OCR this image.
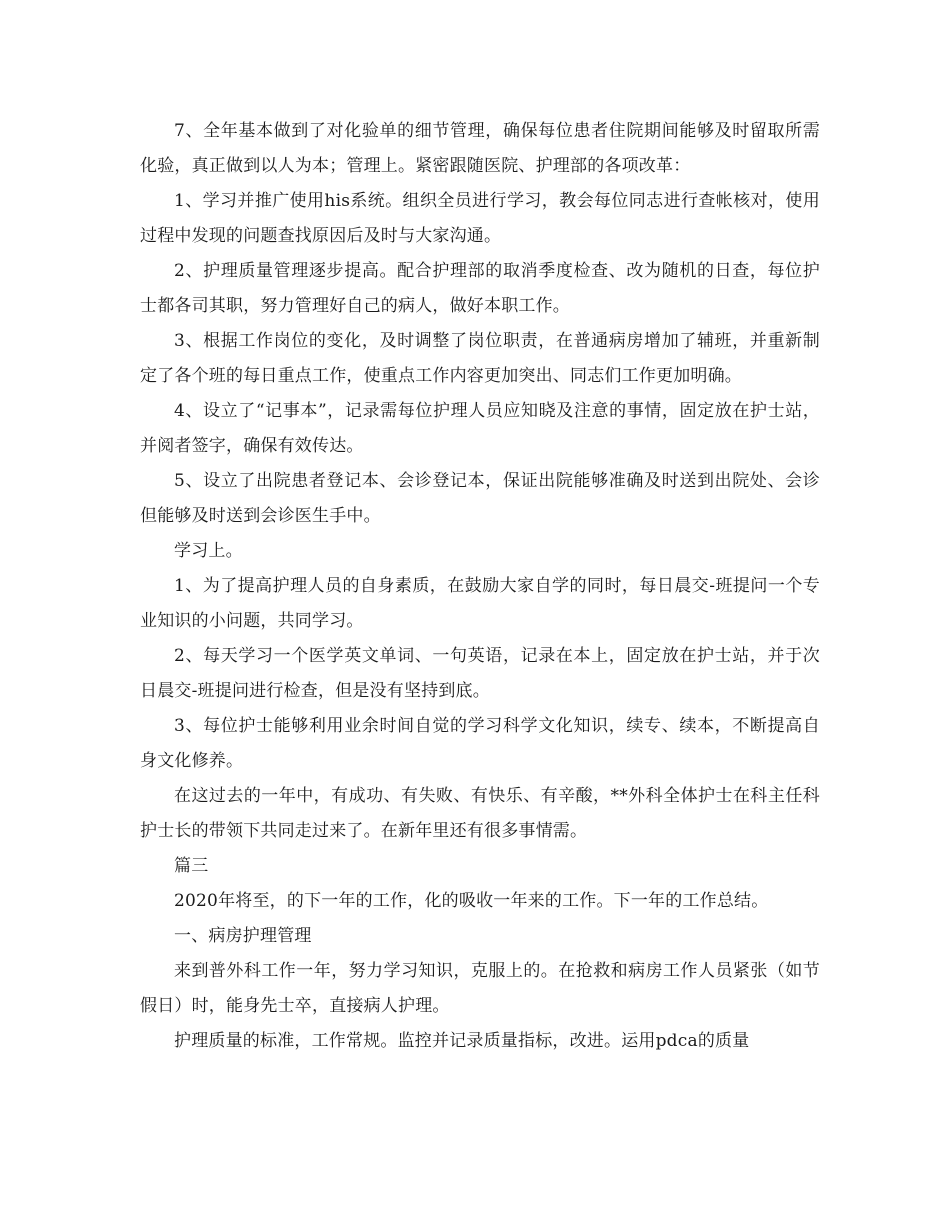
7、全年基本做到了对化验单的细节管理，确保每位患者住院期间能够及时留取所需化验，真正做到以人为本；管理上。紧密跟随医院、护理部的各项改革：

1、学习并推广使用his系统。组织全员进行学习，教会每位同志进行查帐核对，使用过程中发现的问题查找原因后及时与大家沟通。

2、护理质量管理逐步提高。配合护理部的取消季度检查、改为随机的日查，每位护士都各司其职，努力管理好自己的病人，做好本职工作。

3、根据工作岗位的变化，及时调整了岗位职责，在普通病房增加了辅班，并重新制定了各个班的每日重点工作，使重点工作内容更加突出、同志们工作更加明确。

4、设立了“记事本”，记录需每位护理人员应知晓及注意的事情，固定放在护士站，并阅者签字，确保有效传达。

5、设立了出院患者登记本、会诊登记本，保证出院能够准确及时送到出院处、会诊但能够及时送到会诊医生手中。

学习上。

1、为了提高护理人员的自身素质，在鼓励大家自学的同时，每日晨交-班提问一个专业知识的小问题，共同学习。

2、每天学习一个医学英文单词、一句英语，记录在本上，固定放在护士站，并于次日晨交-班提问进行检查，但是没有坚持到底。

3、每位护士能够利用业余时间自觉的学习科学文化知识，续专、续本，不断提高自身文化修养。

在这过去的一年中，有成功、有失败、有快乐、有辛酸，**外科全体护士在科主任科护士长的带领下共同走过来了。在新年里还有很多事情需。

篇三

2020年将至，的下一年的工作，化的吸收一年来的工作。下一年的工作总结。

一、病房护理管理

来到普外科工作一年，努力学习知识，克服上的。在抢救和病房工作人员紧张（如节假日）时，能身先士卒，直接病人护理。

护理质量的标准，工作常规。监控并记录质量指标，改进。运用pdca的质量
